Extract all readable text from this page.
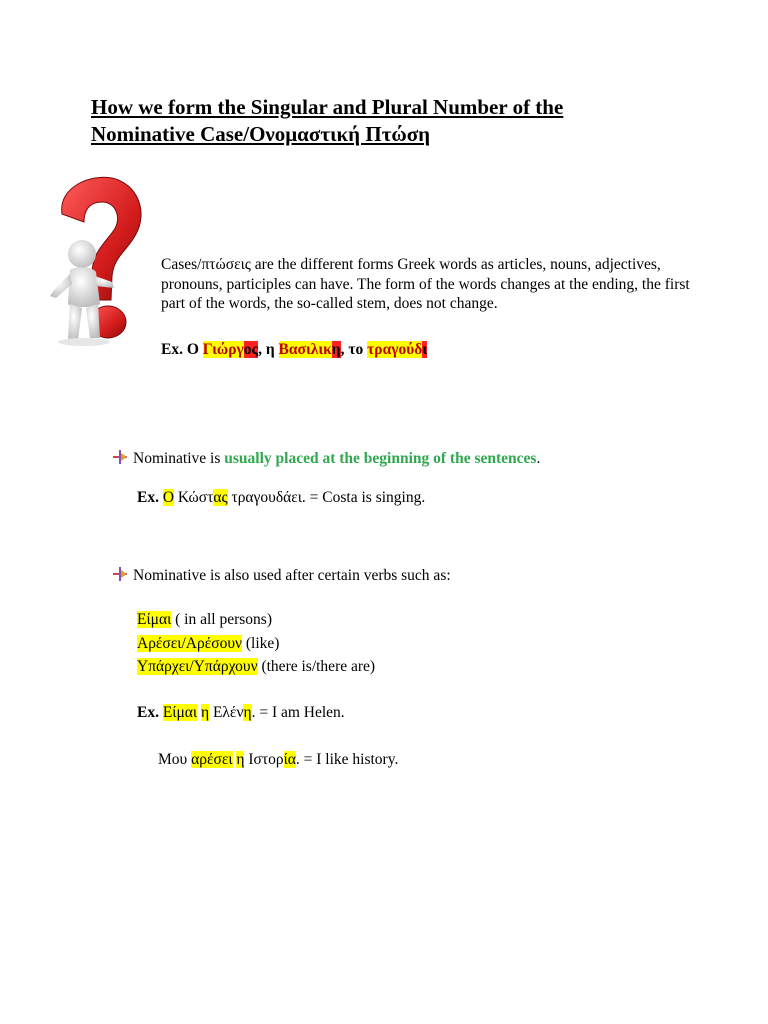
How we form the Singular and Plural Number of the
Nominative Case/Ονομαστική Πτώση
Cases/πτώσεις are the different forms Greek words as articles, nouns, adjectives, pronouns, participles can have. The form of the words changes at the ending, the first part of the words, the so-called stem, does not change.
Ex. Ο Γιώργος, η Βασιλικη, το τραγούδι
Nominative is usually placed at the beginning of the sentences.
Ex. Ο Κώστας τραγουδάει. = Costa is singing.
Nominative is also used after certain verbs such as:
Είμαι ( in all persons)
Αρέσει/Αρέσουν (like)
Υπάρχει/Υπάρχουν (there is/there are)
Ex. Είμαι η Ελένη. = I am Helen.
Μου αρέσει η Ιστορία. = I like history.
